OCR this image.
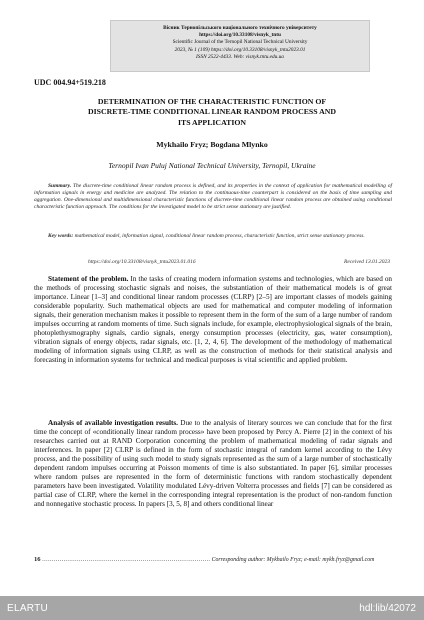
Вісник Тернопільського національного технічного університету
https://doi.org/10.33108/visnyk_tntu
Scientific Journal of the Ternopil National Technical University
2023, № 1 (109) https://doi.org/10.33108/visnyk_tntu2023.01
ISSN 2522-4433. Web: visnyk.tntu.edu.ua
UDC 004.94+519.218
DETERMINATION OF THE CHARACTERISTIC FUNCTION OF
DISCRETE-TIME CONDITIONAL LINEAR RANDOM PROCESS AND
ITS APPLICATION
Mykhailo Fryz; Bogdana Mlynko
Ternopil Ivan Puluj National Technical University, Ternopil, Ukraine

Summary. The discrete-time conditional linear random process is defined, and its properties in the context of application for mathematical modelling of information signals in energy and medicine are analyzed. The relation to the continuous-time counterpart is considered on the basis of time sampling and aggregation. One-dimensional and multidimensional characteristic functions of discrete-time conditional linear random process are obtained using conditional characteristic function approach. The conditions for the investigated model to be strict sense stationary are justified.

Key words: mathematical model, information signal, conditional linear random process, characteristic function, strict sense stationary process.

https://doi.org/10.33108/visnyk_tntu2023.01.016	Received 13.01.2023

Statement of the problem. In the tasks of creating modern information systems and technologies, which are based on the methods of processing stochastic signals and noises, the substantiation of their mathematical models is of great importance. Linear [1–3] and conditional linear random processes (CLRP) [2–5] are important classes of models gaining considerable popularity. Such mathematical objects are used for mathematical and computer modeling of information signals, their generation mechanism makes it possible to represent them in the form of the sum of a large number of random impulses occurring at random moments of time. Such signals include, for example, electrophysiological signals of the brain, photoplethysmography signals, cardio signals, energy consumption processes (electricity, gas, water consumption), vibration signals of energy objects, radar signals, etc. [1, 2, 4, 6]. The development of the methodology of mathematical modeling of information signals using CLRP, as well as the construction of methods for their statistical analysis and forecasting in information systems for technical and medical purposes is vital scientific and applied problem.

Analysis of available investigation results. Due to the analysis of literary sources we can conclude that for the first time the concept of «conditionally linear random process» have been proposed by Percy A. Pierre [2] in the context of his researches carried out at RAND Corporation concerning the problem of mathematical modeling of radar signals and interferences. In paper [2] CLRP is defined in the form of stochastic integral of random kernel according to the Lévy process, and the possibility of using such model to study signals represented as the sum of a large number of stochastically dependent random impulses occurring at Poisson moments of time is also substantiated. In paper [6], similar processes where random pulses are represented in the form of deterministic functions with random stochastically dependent parameters have been investigated. Volatility modulated Lévy-driven Volterra processes and fields [7] can be considered as partial case of CLRP, where the kernel in the corresponding integral representation is the product of non-random function and nonnegative stochastic process. In papers [3, 5, 8] and others conditional linear

16 …………………………………………………………………………… Corresponding author: Mykhailo Fryz; e-mail: mykh.fryz@gmail.com
ELARTU	hdl:lib/42072
